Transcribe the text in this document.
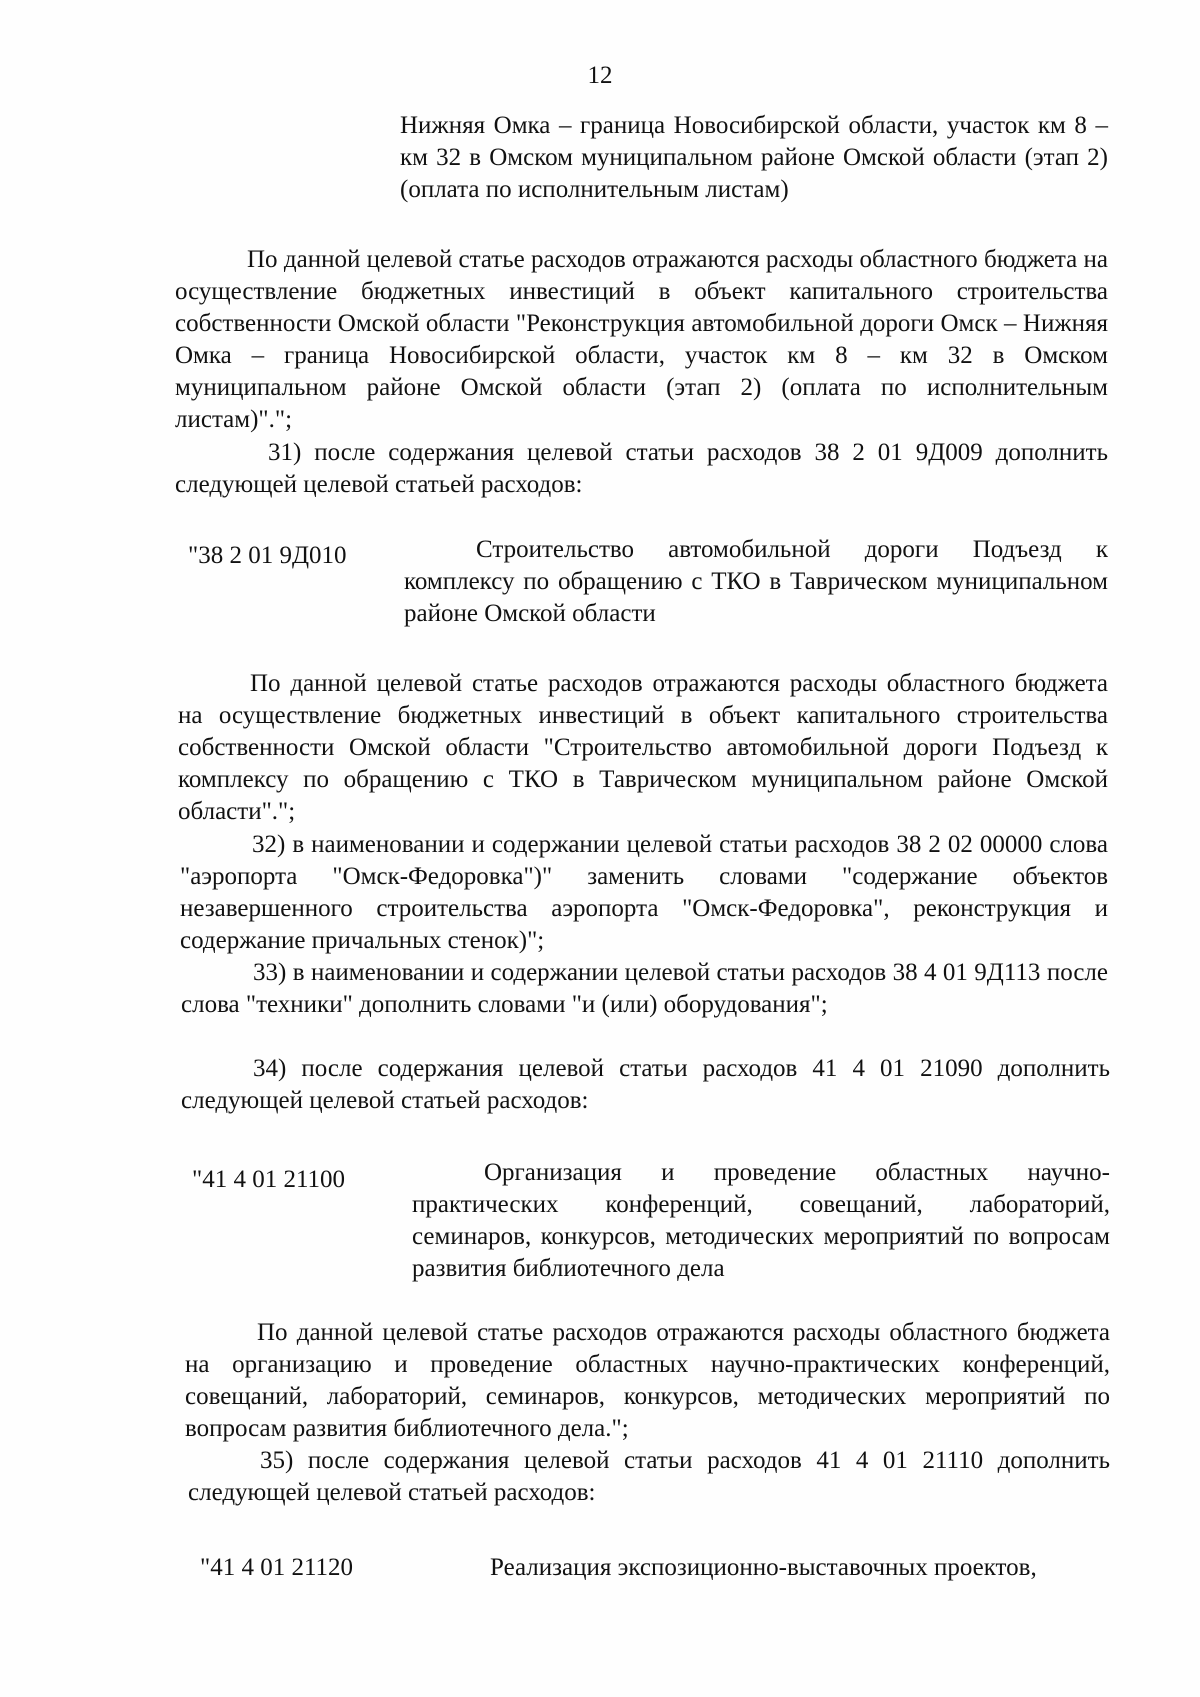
12

Нижняя Омка – граница Новосибирской области, участок км 8 – км 32 в Омском муниципальном районе Омской области (этап 2) (оплата по исполнительным листам)

По данной целевой статье расходов отражаются расходы областного бюджета на осуществление бюджетных инвестиций в объект капитального строительства собственности Омской области "Реконструкция автомобильной дороги Омск – Нижняя Омка – граница Новосибирской области, участок км 8 – км 32 в Омском муниципальном районе Омской области (этап 2) (оплата по исполнительным листам)".";

31) после содержания целевой статьи расходов 38 2 01 9Д009 дополнить следующей целевой статьей расходов:

"38 2 01 9Д010	Строительство автомобильной дороги Подъезд к комплексу по обращению с ТКО в Таврическом муниципальном районе Омской области

По данной целевой статье расходов отражаются расходы областного бюджета на осуществление бюджетных инвестиций в объект капитального строительства собственности Омской области "Строительство автомобильной дороги Подъезд к комплексу по обращению с ТКО в Таврическом муниципальном районе Омской области".";

32) в наименовании и содержании целевой статьи расходов 38 2 02 00000 слова "аэропорта "Омск-Федоровка")" заменить словами "содержание объектов незавершенного строительства аэропорта "Омск-Федоровка", реконструкция и содержание причальных стенок)";

33) в наименовании и содержании целевой статьи расходов 38 4 01 9Д113 после слова "техники" дополнить словами "и (или) оборудования";

34) после содержания целевой статьи расходов 41 4 01 21090 дополнить следующей целевой статьей расходов:

"41 4 01 21100	Организация и проведение областных научно-практических конференций, совещаний, лабораторий, семинаров, конкурсов, методических мероприятий по вопросам развития библиотечного дела

По данной целевой статье расходов отражаются расходы областного бюджета на организацию и проведение областных научно-практических конференций, совещаний, лабораторий, семинаров, конкурсов, методических мероприятий по вопросам развития библиотечного дела.";

35) после содержания целевой статьи расходов 41 4 01 21110 дополнить следующей целевой статьей расходов:

"41 4 01 21120	Реализация экспозиционно-выставочных проектов,
